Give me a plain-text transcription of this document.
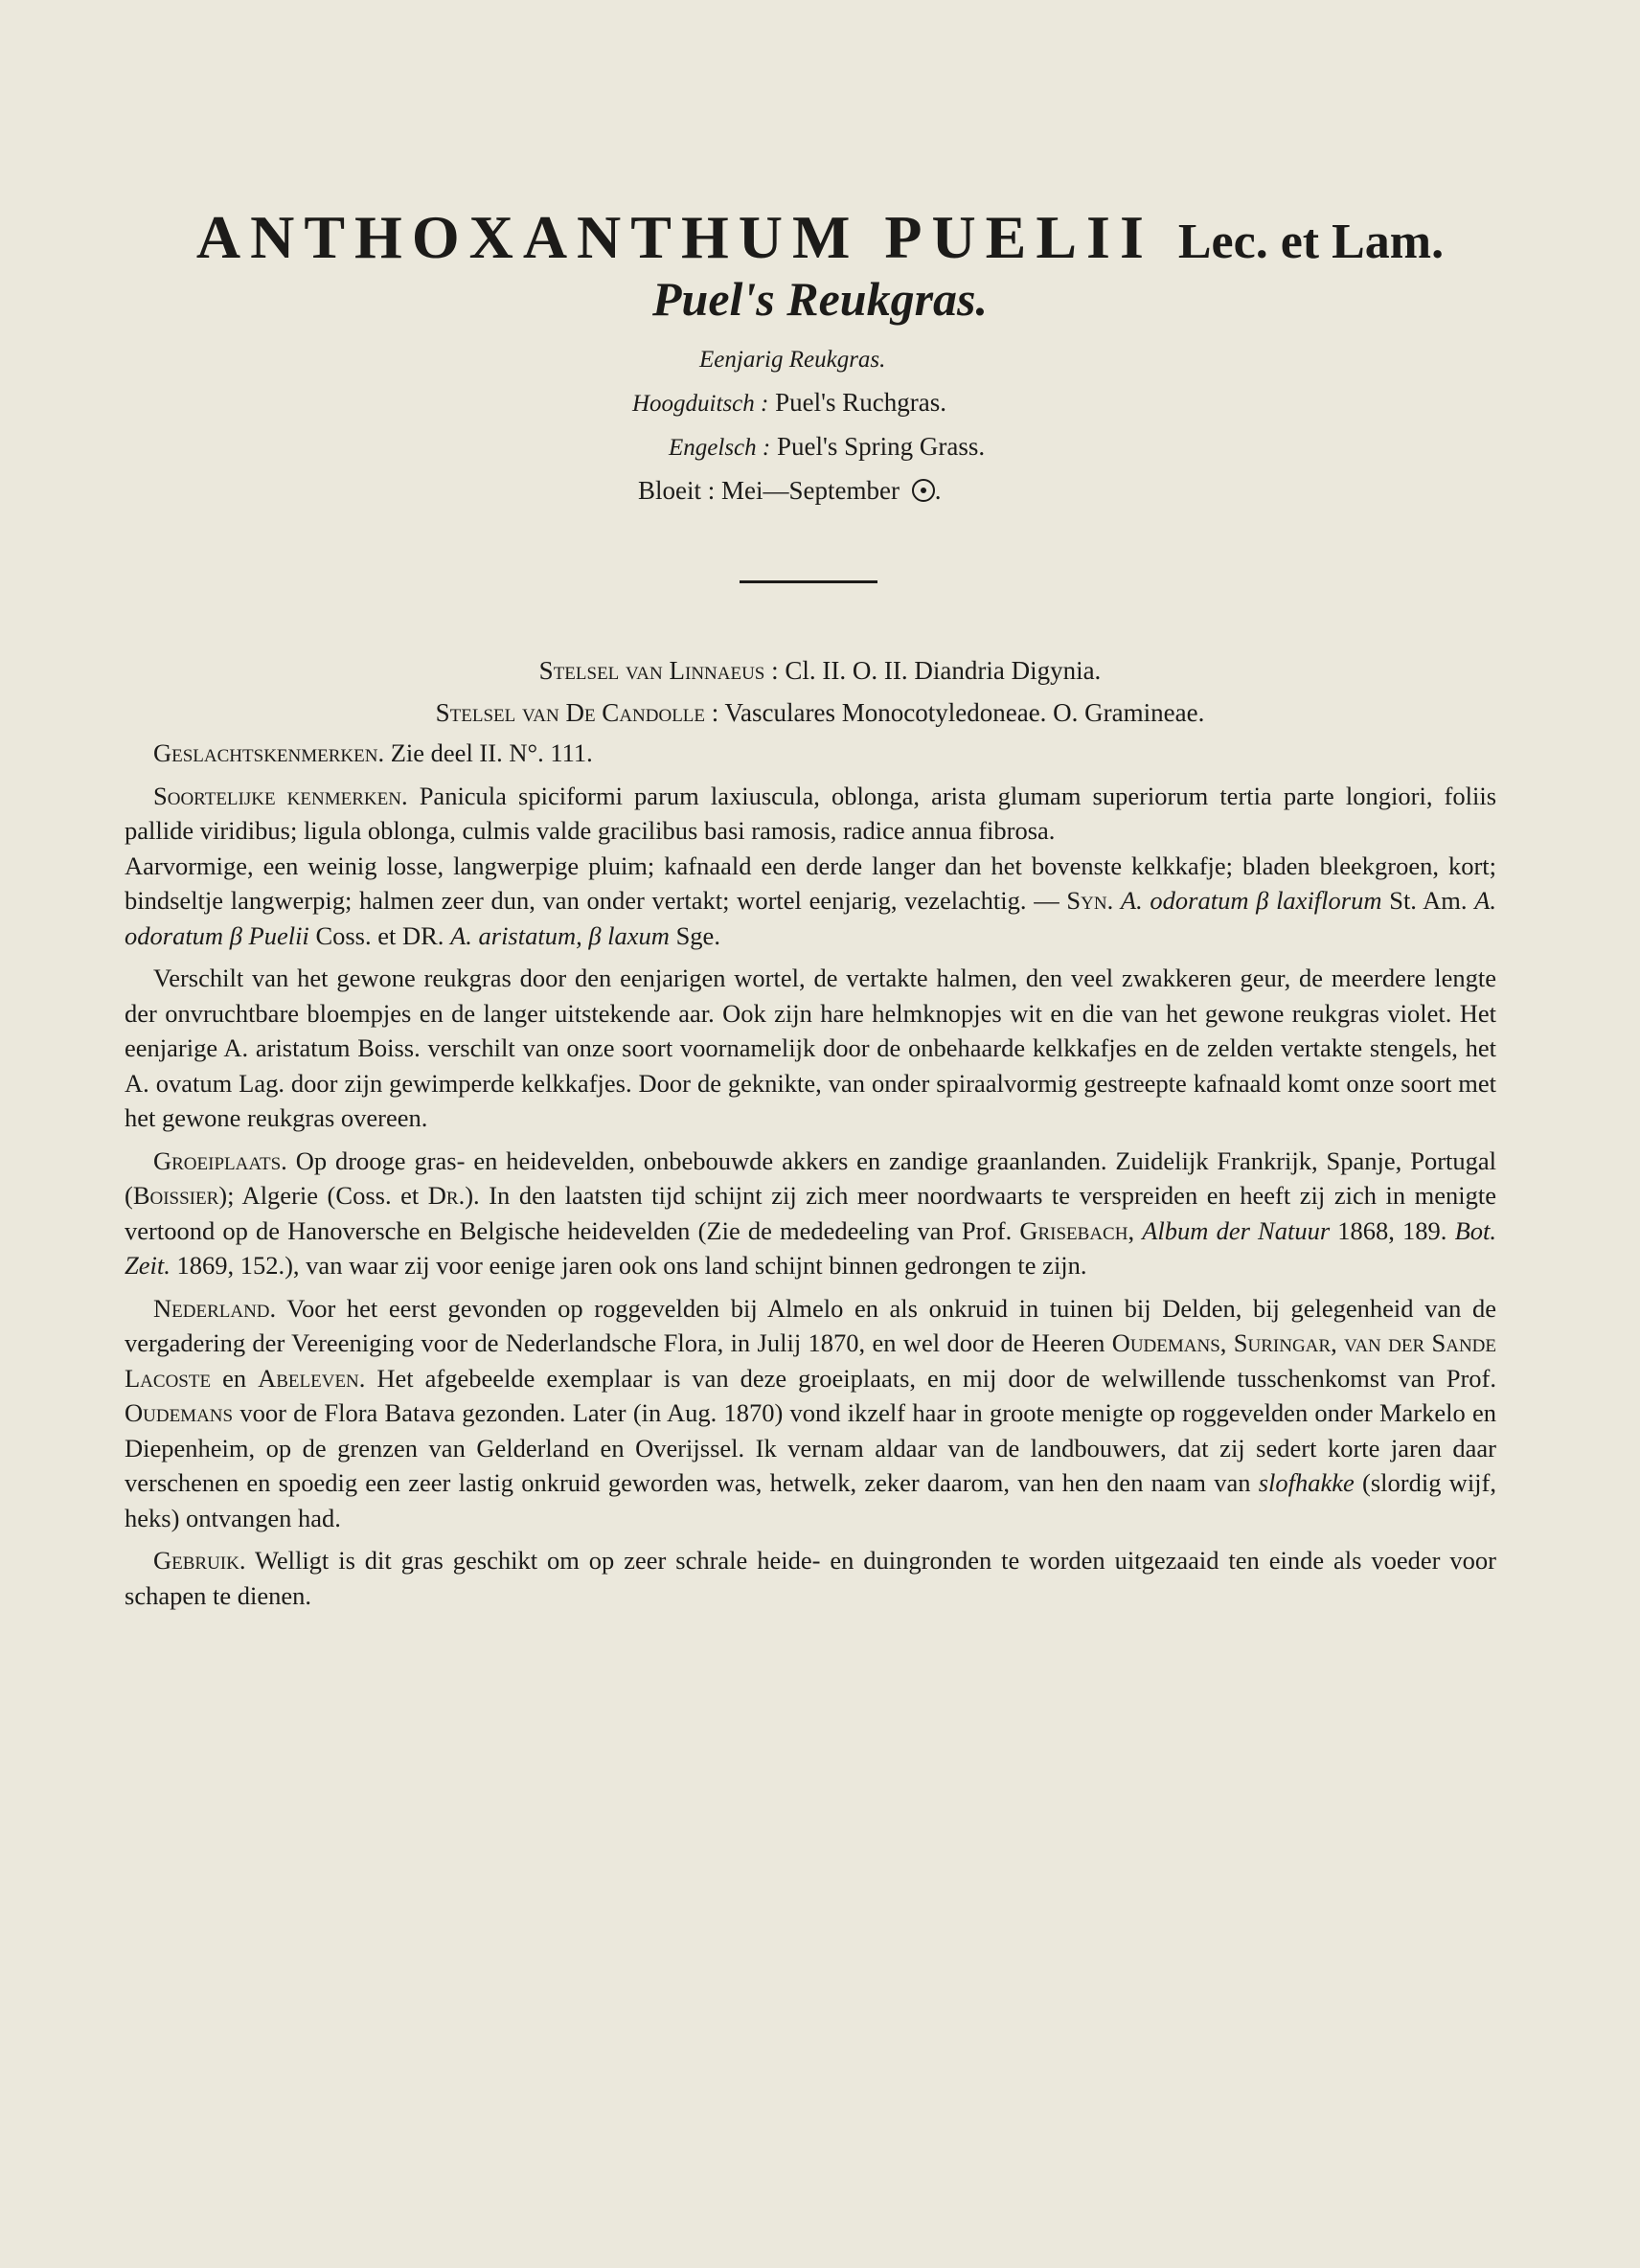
ANTHOXANTHUM PUELII Lec. et Lam.
Puel's Reukgras.
Eenjarig Reukgras.
Hoogduitsch : Puel's Ruchgras.
Engelsch : Puel's Spring Grass.
Bloeit : Mei—September .
Stelsel van Linnaeus : Cl. II. O. II. Diandria Digynia.
Stelsel van De Candolle : Vasculares Monocotyledoneae. O. Gramineae.

Geslachtskenmerken. Zie deel II. N°. 111.

Soortelijke kenmerken. Panicula spiciformi parum laxiuscula, oblonga, arista glumam superiorum tertia parte longiori, foliis pallide viridibus; ligula oblonga, culmis valde gracilibus basi ramosis, radice annua fibrosa.
Aarvormige, een weinig losse, langwerpige pluim; kafnaald een derde langer dan het bovenste kelkkafje; bladen bleekgroen, kort; bindseltje langwerpig; halmen zeer dun, van onder vertakt; wortel eenjarig, vezelachtig. — Syn. A. odoratum β laxiflorum St. Am. A. odoratum β Puelii Coss. et DR. A. aristatum, β laxum Sge.

Verschilt van het gewone reukgras door den eenjarigen wortel, de vertakte halmen, den veel zwakkeren geur, de meerdere lengte der onvruchtbare bloempjes en de langer uitstekende aar. Ook zijn hare helmknopjes wit en die van het gewone reukgras violet. Het eenjarige A. aristatum Boiss. verschilt van onze soort voornamelijk door de onbehaarde kelkkafjes en de zelden vertakte stengels, het A. ovatum Lag. door zijn gewimperde kelkkafjes. Door de geknikte, van onder spiraalvormig gestreepte kafnaald komt onze soort met het gewone reukgras overeen.

Groeiplaats. Op drooge gras- en heidevelden, onbebouwde akkers en zandige graanlanden. Zuidelijk Frankrijk, Spanje, Portugal (Boissier); Algerie (Coss. et Dr.). In den laatsten tijd schijnt zij zich meer noordwaarts te verspreiden en heeft zij zich in menigte vertoond op de Hanoversche en Belgische heidevelden (Zie de mededeeling van Prof. Grisebach, Album der Natuur 1868, 189. Bot. Zeit. 1869, 152.), van waar zij voor eenige jaren ook ons land schijnt binnen gedrongen te zijn.

Nederland. Voor het eerst gevonden op roggevelden bij Almelo en als onkruid in tuinen bij Delden, bij gelegenheid van de vergadering der Vereeniging voor de Nederlandsche Flora, in Julij 1870, en wel door de Heeren Oudemans, Suringar, van der Sande Lacoste en Abeleven. Het afgebeelde exemplaar is van deze groeiplaats, en mij door de welwillende tusschenkomst van Prof. Oudemans voor de Flora Batava gezonden. Later (in Aug. 1870) vond ikzelf haar in groote menigte op roggevelden onder Markelo en Diepenheim, op de grenzen van Gelderland en Overijssel. Ik vernam aldaar van de landbouwers, dat zij sedert korte jaren daar verschenen en spoedig een zeer lastig onkruid geworden was, hetwelk, zeker daarom, van hen den naam van slofhakke (slordig wijf, heks) ontvangen had.

Gebruik. Welligt is dit gras geschikt om op zeer schrale heide- en duingronden te worden uitgezaaid ten einde als voeder voor schapen te dienen.
